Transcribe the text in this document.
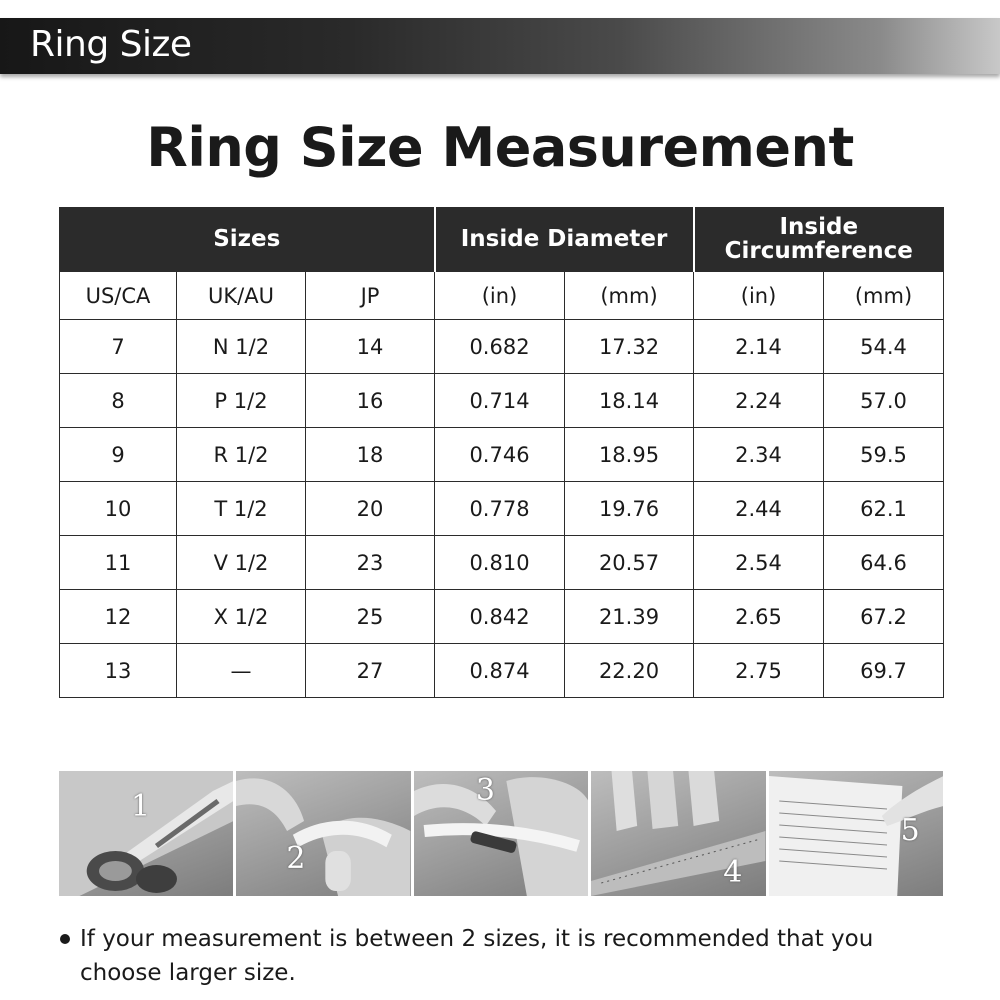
Ring Size
Ring Size Measurement
Sizes			Inside Diameter		Inside
Circumference	
US/CA	UK/AU	JP	(in)	(mm)	(in)	(mm)
7	N 1/2	14	0.682	17.32	2.14	54.4
8	P 1/2	16	0.714	18.14	2.24	57.0
9	R 1/2	18	0.746	18.95	2.34	59.5
10	T 1/2	20	0.778	19.76	2.44	62.1
11	V 1/2	23	0.810	20.57	2.54	64.6
12	X 1/2	25	0.842	21.39	2.65	67.2
13	—	27	0.874	22.20	2.75	69.7
1
2
3
4
5
If your measurement is between 2 sizes, it is recommended that you choose larger size.
